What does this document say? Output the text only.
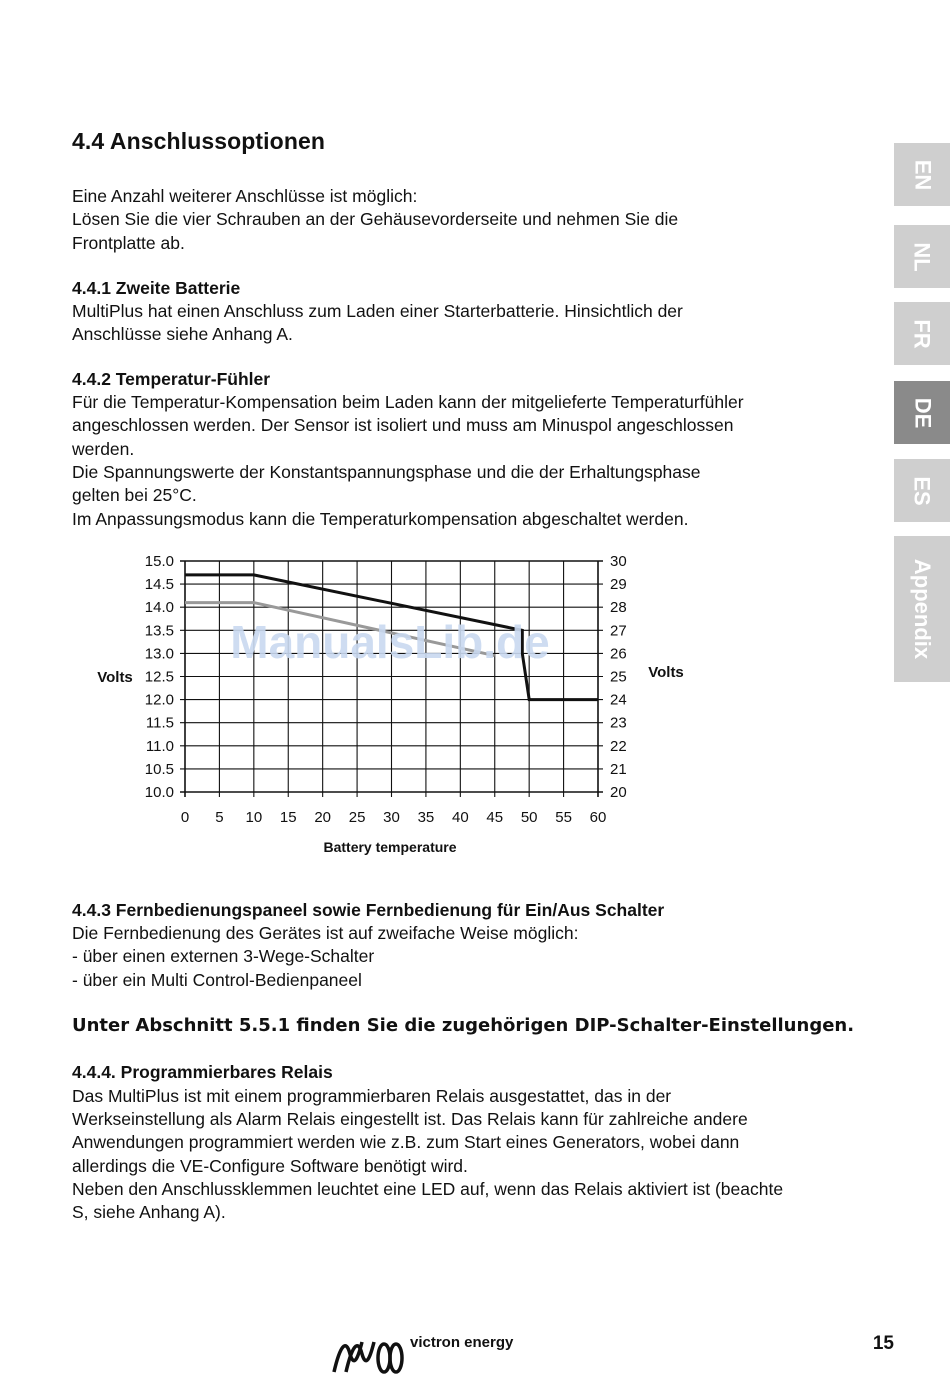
4.4 Anschlussoptionen

Eine Anzahl weiterer Anschlüsse ist möglich:

Lösen Sie die vier Schrauben an der Gehäusevorderseite und nehmen Sie die

Frontplatte ab.

4.4.1 Zweite Batterie

MultiPlus hat einen Anschluss zum Laden einer Starterbatterie. Hinsichtlich der

Anschlüsse siehe Anhang A.

4.4.2 Temperatur-Fühler

Für die Temperatur-Kompensation beim Laden kann der mitgelieferte Temperaturfühler

angeschlossen werden. Der Sensor ist isoliert und muss am Minuspol angeschlossen

werden.

Die Spannungswerte der Konstantspannungsphase und die der Erhaltungsphase

gelten bei 25°C.

Im Anpassungsmodus kann die Temperaturkompensation abgeschaltet werden.

4.4.3 Fernbedienungspaneel sowie Fernbedienung für Ein/Aus Schalter

Die Fernbedienung des Gerätes ist auf zweifache Weise möglich:

- über einen externen 3-Wege-Schalter

- über ein Multi Control-Bedienpaneel

Unter Abschnitt 5.5.1 finden Sie die zugehörigen DIP-Schalter-Einstellungen.

4.4.4. Programmierbares Relais

Das MultiPlus ist mit einem programmierbaren Relais ausgestattet, das in der

Werkseinstellung als Alarm Relais eingestellt ist. Das Relais kann für zahlreiche andere

Anwendungen programmiert werden wie z.B. zum Start eines Generators, wobei dann

allerdings die VE-Configure Software benötigt wird.

Neben den Anschlussklemmen leuchtet eine LED auf, wenn das Relais aktiviert ist (beachte

S, siehe Anhang A).

0 5 10 15 20 25 30 35 40 45 50 55 60
10.0	20
10.5	21
11.0	22
11.5	23
12.0	24
12.5	25
13.0	26
13.5	27
14.0	28
14.5	29
15.0	30
ManualsLib.de
Volts	Volts
Battery temperature
EN
NL
FR
DE
ES
Appendix
victron energy	15
